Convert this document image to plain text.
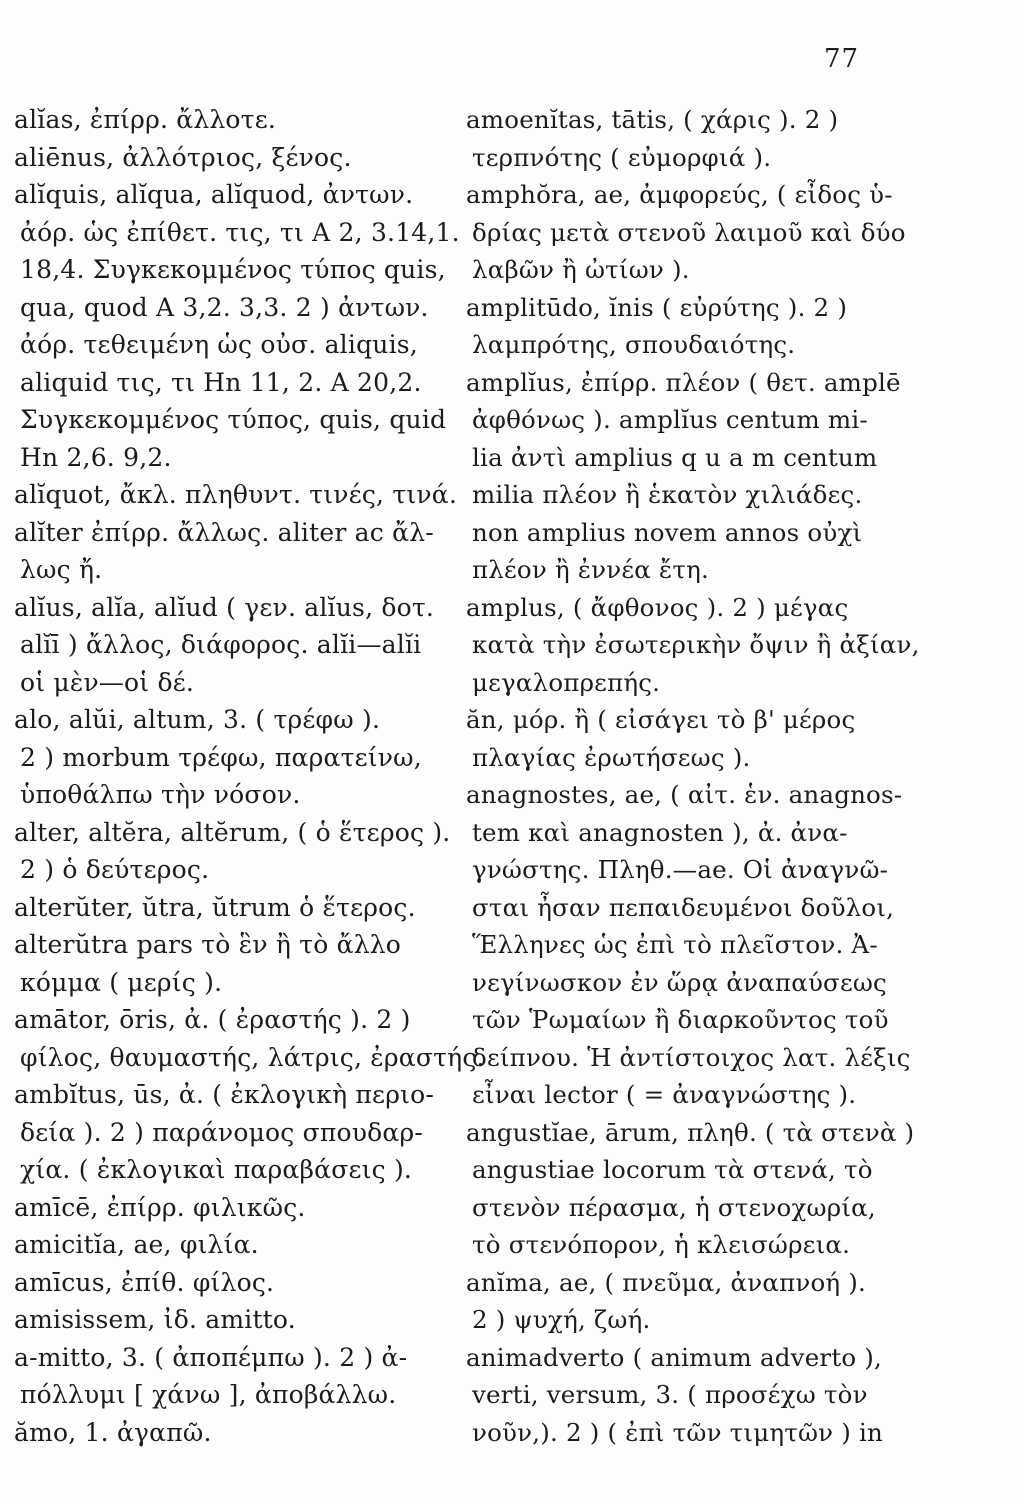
77
alĭas, ἐπίρρ. ἄλλοτε.
aliēnus, ἀλλότριος, ξένος.
alĭquis, alĭqua, alĭquod, ἀντων.
ἀόρ. ὡς ἐπίθετ. τις, τι Α 2, 3.14,1.
18,4. Συγκεκομμένος τύπος quis,
qua, quod Α 3,2. 3,3. 2 ) ἀντων.
ἀόρ. τεθειμένη ὡς οὐσ. aliquis,
aliquid τις, τι Hn 11, 2. Α 20,2.
Συγκεκομμένος τύπος, quis, quid
Hn 2,6. 9,2.
alĭquot, ἄκλ. πληθυντ. τινές, τινά.
alĭter ἐπίρρ. ἄλλως. aliter ac ἄλ-
λως ἤ.
alĭus, alĭa, alĭud ( γεν. alĭus, δοτ.
alĭī ) ἄλλος, διάφορος. alĭi—alĭi
οἱ μὲν—οἱ δέ.
alo, alŭi, altum, 3. ( τρέφω ).
2 ) morbum τρέφω, παρατείνω,
ὑποθάλπω τὴν νόσον.
alter, altĕra, altĕrum, ( ὁ ἕτερος ).
2 ) ὁ δεύτερος.
alterŭter, ŭtra, ŭtrum ὁ ἕτερος.
alterŭtra pars τὸ ἓν ἢ τὸ ἄλλο
κόμμα ( μερίς ).
amātor, ōris, ἀ. ( ἐραστής ). 2 )
φίλος, θαυμαστής, λάτρις, ἐραστής.
ambĭtus, ūs, ἀ. ( ἐκλογικὴ περιο-
δεία ). 2 ) παράνομος σπουδαρ-
χία. ( ἐκλογικαὶ παραβάσεις ).
amīcē, ἐπίρρ. φιλικῶς.
amicitĭa, ae, φιλία.
amīcus, ἐπίθ. φίλος.
amisissem, ἰδ. amitto.
a-mitto, 3. ( ἀποπέμπω ). 2 ) ἀ-
πόλλυμι [ χάνω ], ἀποβάλλω.
ămo, 1. ἀγαπῶ.
amoenĭtas, tātis, ( χάρις ). 2 )
τερπνότης ( εὐμορφιά ).
amphŏra, ae, ἀμφορεύς, ( εἶδος ὑ-
δρίας μετὰ στενοῦ λαιμοῦ καὶ δύο
λαβῶν ἢ ὠτίων ).
amplitūdo, ĭnis ( εὐρύτης ). 2 )
λαμπρότης, σπουδαιότης.
amplĭus, ἐπίρρ. πλέον ( θετ. amplē
ἀφθόνως ). amplĭus centum mi-
lia ἀντὶ amplius q u a m centum
milia πλέον ἢ ἑκατὸν χιλιάδες.
non amplius novem annos οὐχὶ
πλέον ἢ ἐννέα ἔτη.
amplus, ( ἄφθονος ). 2 ) μέγας
κατὰ τὴν ἐσωτερικὴν ὄψιν ἢ ἀξίαν,
μεγαλοπρεπής.
ăn, μόρ. ἢ ( εἰσάγει τὸ β' μέρος
πλαγίας ἐρωτήσεως ).
anagnostes, ae, ( αἰτ. ἑν. anagnos-
tem καὶ anagnosten ), ἀ. ἀνα-
γνώστης. Πληθ.—ae. Οἱ ἀναγνῶ-
σται ἦσαν πεπαιδευμένοι δοῦλοι,
Ἕλληνες ὡς ἐπὶ τὸ πλεῖστον. Ἀ-
νεγίνωσκον ἐν ὥρᾳ ἀναπαύσεως
τῶν Ῥωμαίων ἢ διαρκοῦντος τοῦ
δείπνου. Ἡ ἀντίστοιχος λατ. λέξις
εἶναι lector ( = ἀναγνώστης ).
angustĭae, ārum, πληθ. ( τὰ στενὰ )
angustiae locorum τὰ στενά, τὸ
στενὸν πέρασμα, ἡ στενοχωρία,
τὸ στενόπορον, ἡ κλεισώρεια.
anĭma, ae, ( πνεῦμα, ἀναπνοή ).
2 ) ψυχή, ζωή.
animadverto ( animum adverto ),
verti, versum, 3. ( προσέχω τὸν
νοῦν,). 2 ) ( ἐπὶ τῶν τιμητῶν ) in
